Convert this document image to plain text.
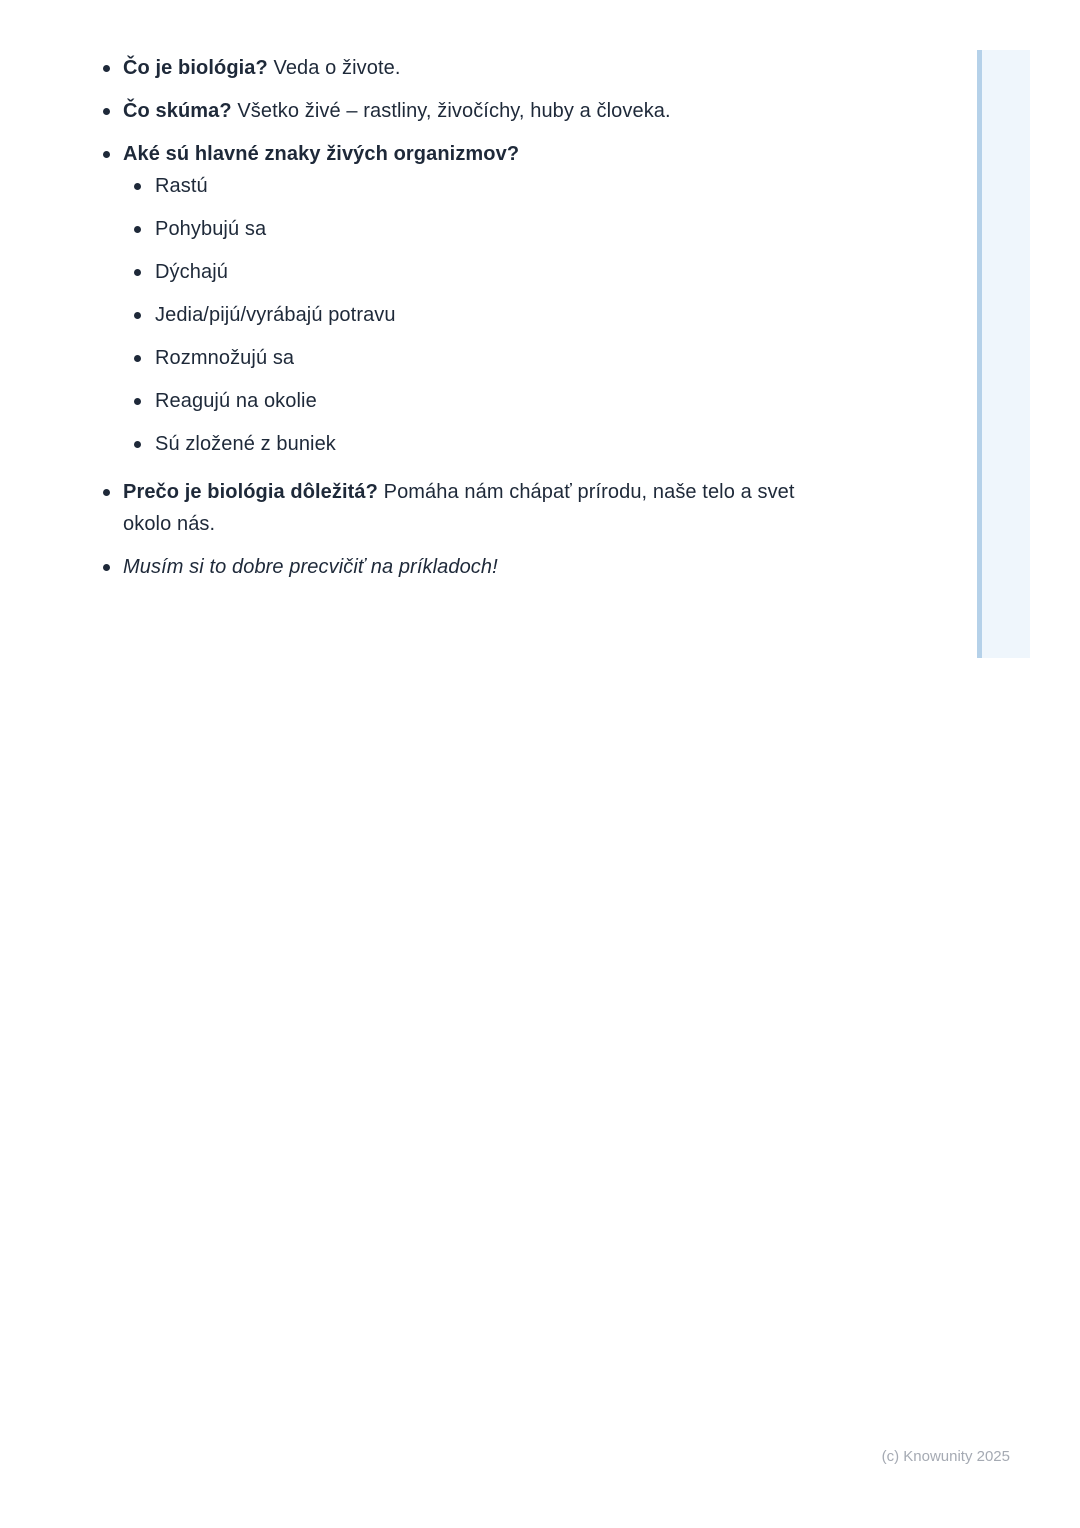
Čo je biológia? Veda o živote.
Čo skúma? Všetko živé – rastliny, živočíchy, huby a človeka.
Aké sú hlavné znaky živých organizmov?
Rastú
Pohybujú sa
Dýchajú
Jedia/pijú/vyrábajú potravu
Rozmnožujú sa
Reagujú na okolie
Sú zložené z buniek
Prečo je biológia dôležitá? Pomáha nám chápať prírodu, naše telo a svet okolo nás.
Musím si to dobre precvičiť na príkladoch!
(c) Knowunity 2025
